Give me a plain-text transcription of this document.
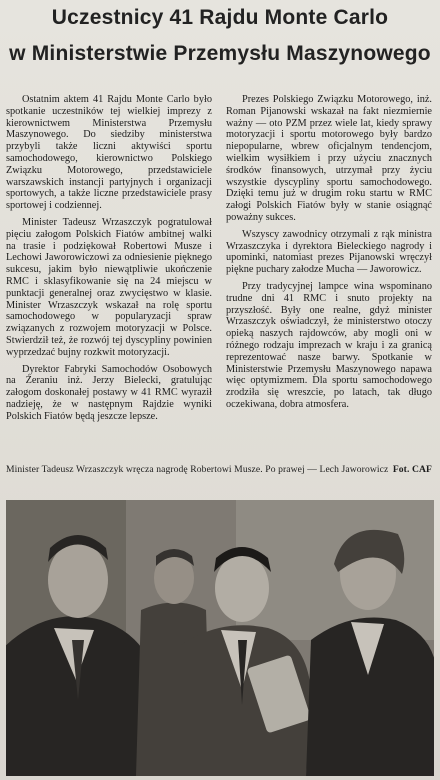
Uczestnicy 41 Rajdu Monte Carlo
w Ministerstwie Przemysłu Maszynowego

Ostatnim aktem 41 Rajdu Monte Carlo było spotkanie uczestników tej wielkiej imprezy z kierownictwem Ministerstwa Przemysłu Maszynowego. Do siedziby ministerstwa przybyli także liczni aktywiści sportu samochodowego, kierownictwo Polskiego Związku Motorowego, przedstawiciele warszawskich instancji partyjnych i organizacji sportowych, a także liczne przedstawiciele prasy sportowej i codziennej.

Minister Tadeusz Wrzaszczyk pogratulował pięciu załogom Polskich Fiatów ambitnej walki na trasie i podziękował Robertowi Musze i Lechowi Jaworowiczowi za odniesienie pięknego sukcesu, jakim było niewątpliwie ukończenie RMC i sklasyfikowanie się na 24 miejscu w punktacji generalnej oraz zwycięstwo w klasie. Minister Wrzaszczyk wskazał na rolę sportu samochodowego w popularyzacji spraw związanych z rozwojem motoryzacji w Polsce. Stwierdził też, że rozwój tej dyscypliny powinien wyprzedzać bujny rozkwit motoryzacji.

Dyrektor Fabryki Samochodów Osobowych na Żeraniu inż. Jerzy Bielecki, gratulując załogom doskonałej postawy w 41 RMC wyraził nadzieję, że w następnym Rajdzie wyniki Polskich Fiatów będą jeszcze lepsze.

Prezes Polskiego Związku Motorowego, inż. Roman Pijanowski wskazał na fakt niezmiernie ważny — oto PZM przez wiele lat, kiedy sprawy motoryzacji i sportu motorowego były bardzo niepopularne, wbrew oficjalnym tendencjom, wielkim wysiłkiem i przy użyciu znacznych środków finansowych, utrzymał przy życiu wszystkie dyscypliny sportu samochodowego. Dzięki temu już w drugim roku startu w RMC załogi Polskich Fiatów były w stanie osiągnąć poważny sukces.

Wszyscy zawodnicy otrzymali z rąk ministra Wrzaszczyka i dyrektora Bieleckiego nagrody i upominki, natomiast prezes Pijanowski wręczył piękne puchary załodze Mucha — Jaworowicz.

Przy tradycyjnej lampce wina wspominano trudne dni 41 RMC i snuto projekty na przyszłość. Były one realne, gdyż minister Wrzaszczyk oświadczył, że ministerstwo otoczy opieką naszych rajdowców, aby mogli oni w różnego rodzaju imprezach w kraju i za granicą reprezentować nasze barwy. Spotkanie w Ministerstwie Przemysłu Maszynowego napawa więc optymizmem. Dla sportu samochodowego zrodziła się wreszcie, po latach, tak długo oczekiwana, dobra atmosfera.

Minister Tadeusz Wrzaszczyk wręcza nagrodę Robertowi Musze. Po prawej — Lech Jaworowicz Fot. CAF
